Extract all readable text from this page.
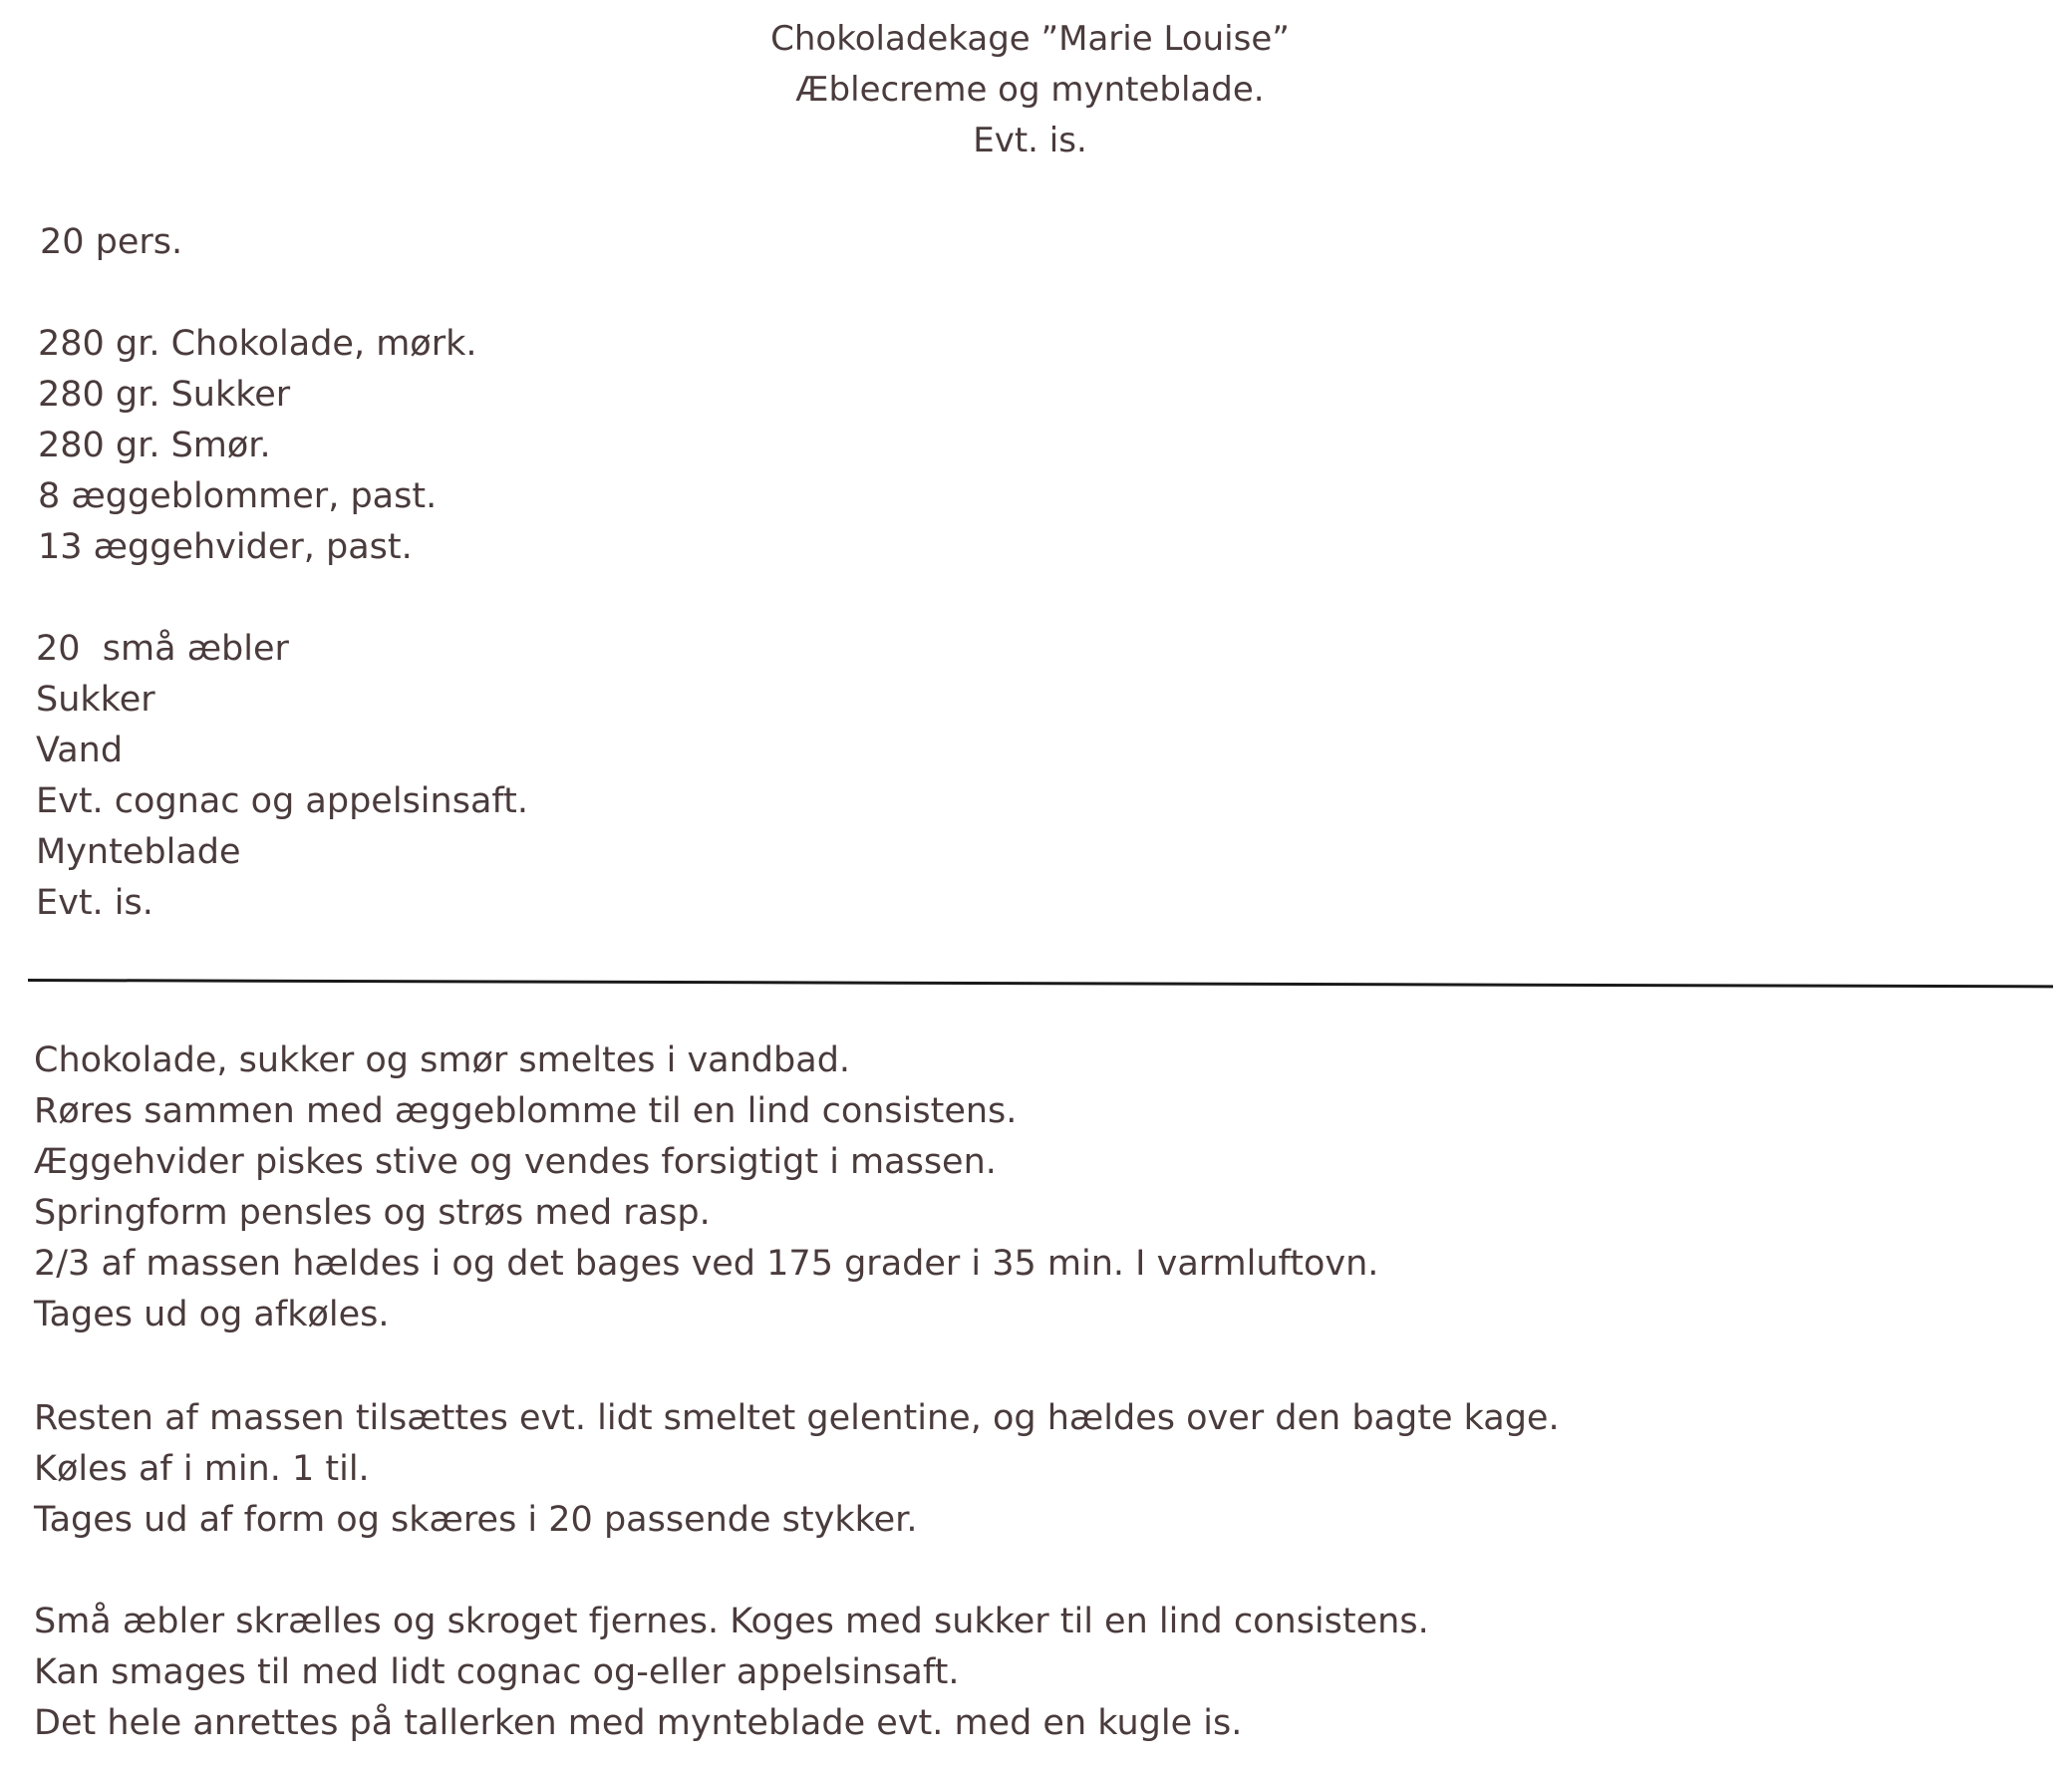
Chokoladekage ”Marie Louise”
Æblecreme og mynteblade.
Evt. is.
20 pers.
280 gr. Chokolade, mørk.
280 gr. Sukker
280 gr. Smør.
8 æggeblommer, past.
13 æggehvider, past.
20  små æbler
Sukker
Vand
Evt. cognac og appelsinsaft.
Mynteblade
Evt. is.
Chokolade, sukker og smør smeltes i vandbad.
Røres sammen med æggeblomme til en lind consistens.
Æggehvider piskes stive og vendes forsigtigt i massen.
Springform pensles og strøs med rasp.
2/3 af massen hældes i og det bages ved 175 grader i 35 min. I varmluftovn.
Tages ud og afkøles.
Resten af massen tilsættes evt. lidt smeltet gelentine, og hældes over den bagte kage.
Køles af i min. 1 til.
Tages ud af form og skæres i 20 passende stykker.
Små æbler skrælles og skroget fjernes. Koges med sukker til en lind consistens.
Kan smages til med lidt cognac og-eller appelsinsaft.
Det hele anrettes på tallerken med mynteblade evt. med en kugle is.
